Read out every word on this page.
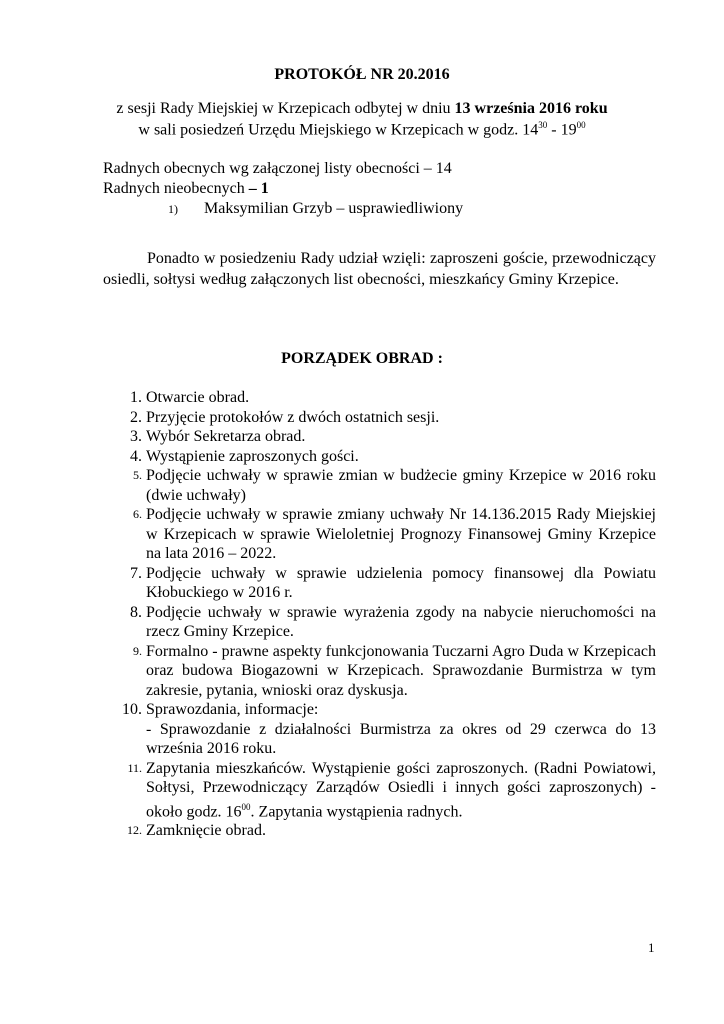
PROTOKÓŁ NR 20.2016
z sesji Rady Miejskiej w Krzepicach odbytej w dniu 13 września 2016 roku
w sali posiedzeń Urzędu Miejskiego w Krzepicach w godz. $14^{30} - 19^{00}$
Radnych obecnych wg załączonej listy obecności – 14
Radnych nieobecnych – 1
1) Maksymilian Grzyb – usprawiedliwiony
Ponadto w posiedzeniu Rady udział wzięli: zaproszeni goście, przewodniczący osiedli, sołtysi według załączonych list obecności, mieszkańcy Gminy Krzepice.
PORZĄDEK OBRAD :
1. Otwarcie obrad.
2. Przyjęcie protokołów z dwóch ostatnich sesji.
3. Wybór Sekretarza obrad.
4. Wystąpienie zaproszonych gości.
5. Podjęcie uchwały w sprawie zmian w budżecie gminy Krzepice w 2016 roku (dwie uchwały)
6. Podjęcie uchwały w sprawie zmiany uchwały Nr 14.136.2015 Rady Miejskiej w Krzepicach w sprawie Wieloletniej Prognozy Finansowej Gminy Krzepice na lata 2016 – 2022.
7. Podjęcie uchwały w sprawie udzielenia pomocy finansowej dla Powiatu Kłobuckiego w 2016 r.
8. Podjęcie uchwały w sprawie wyrażenia zgody na nabycie nieruchomości na rzecz Gminy Krzepice.
9. Formalno - prawne aspekty funkcjonowania Tuczarni Agro Duda w Krzepicach oraz budowa Biogazowni w Krzepicach. Sprawozdanie Burmistrza w tym zakresie, pytania, wnioski oraz dyskusja.
10. Sprawozdania, informacje:
- Sprawozdanie z działalności Burmistrza za okres od 29 czerwca do 13 września 2016 roku.
11. Zapytania mieszkańców. Wystąpienie gości zaproszonych. (Radni Powiatowi, Sołtysi, Przewodniczący Zarządów Osiedli i innych gości zaproszonych) - około godz. $16^{00}$. Zapytania wystąpienia radnych.
12. Zamknięcie obrad.
1
